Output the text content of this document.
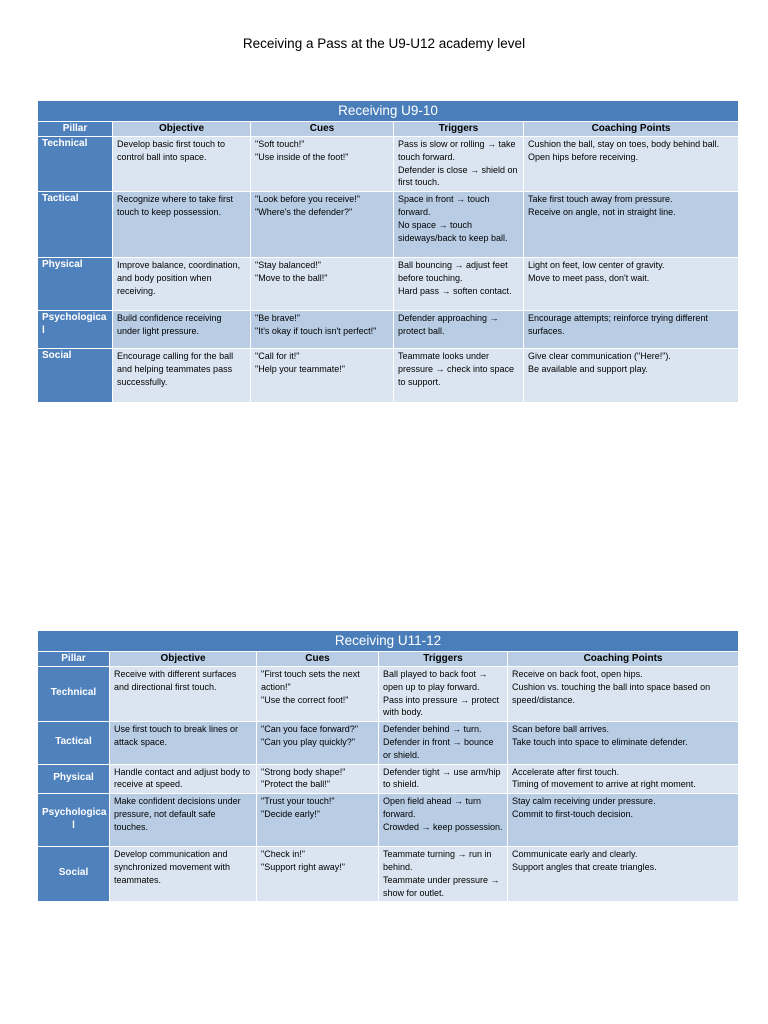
Receiving a Pass at the U9-U12 academy level
Receiving U9-10				
Pillar	Objective	Cues	Triggers	Coaching Points
Technical	Develop basic first touch to control ball into space.	"Soft touch!"
"Use inside of the foot!"	Pass is slow or rolling → take touch forward.
Defender is close → shield on first touch.	Cushion the ball, stay on toes, body behind ball.
Open hips before receiving.

Tactical	Recognize where to take first touch to keep possession.	"Look before you receive!"
"Where's the defender?"	Space in front → touch forward.
No space → touch sideways/back to keep ball.	Take first touch away from pressure.
Receive on angle, not in straight line.

Physical	Improve balance, coordination, and body position when receiving.	"Stay balanced!"
"Move to the ball!"	Ball bouncing → adjust feet before touching.
Hard pass → soften contact.	Light on feet, low center of gravity.
Move to meet pass, don't wait.

Psychologica l	Build confidence receiving under light pressure.	"Be brave!"
"It's okay if touch isn't perfect!"	Defender approaching → protect ball.	Encourage attempts; reinforce trying different surfaces.

Social	Encourage calling for the ball and helping teammates pass successfully.	"Call for it!"
"Help your teammate!"	Teammate looks under pressure → check into space to support.	Give clear communication ("Here!").
Be available and support play.
Receiving U11-12				
Pillar	Objective	Cues	Triggers	Coaching Points
Technical	Receive with different surfaces and directional first touch.	"First touch sets the next action!"
"Use the correct foot!"	Ball played to back foot → open up to play forward.
Pass into pressure → protect with body.	Receive on back foot, open hips.
Cushion vs. touching the ball into space based on speed/distance.

Tactical	Use first touch to break lines or attack space.	"Can you face forward?"
"Can you play quickly?"	Defender behind → turn.
Defender in front → bounce or shield.	Scan before ball arrives.
Take touch into space to eliminate defender.

Physical	Handle contact and adjust body to receive at speed.	"Strong body shape!"
"Protect the ball!"	Defender tight → use arm/hip to shield.	Accelerate after first touch.
Timing of movement to arrive at right moment.

Psychologica l	Make confident decisions under pressure, not default safe touches.	"Trust your touch!"
"Decide early!"	Open field ahead → turn forward.
Crowded → keep possession.	Stay calm receiving under pressure.
Commit to first-touch decision.

Social	Develop communication and synchronized movement with teammates.	"Check in!"
"Support right away!"	Teammate turning → run in behind.
Teammate under pressure → show for outlet.	Communicate early and clearly.
Support angles that create triangles.
